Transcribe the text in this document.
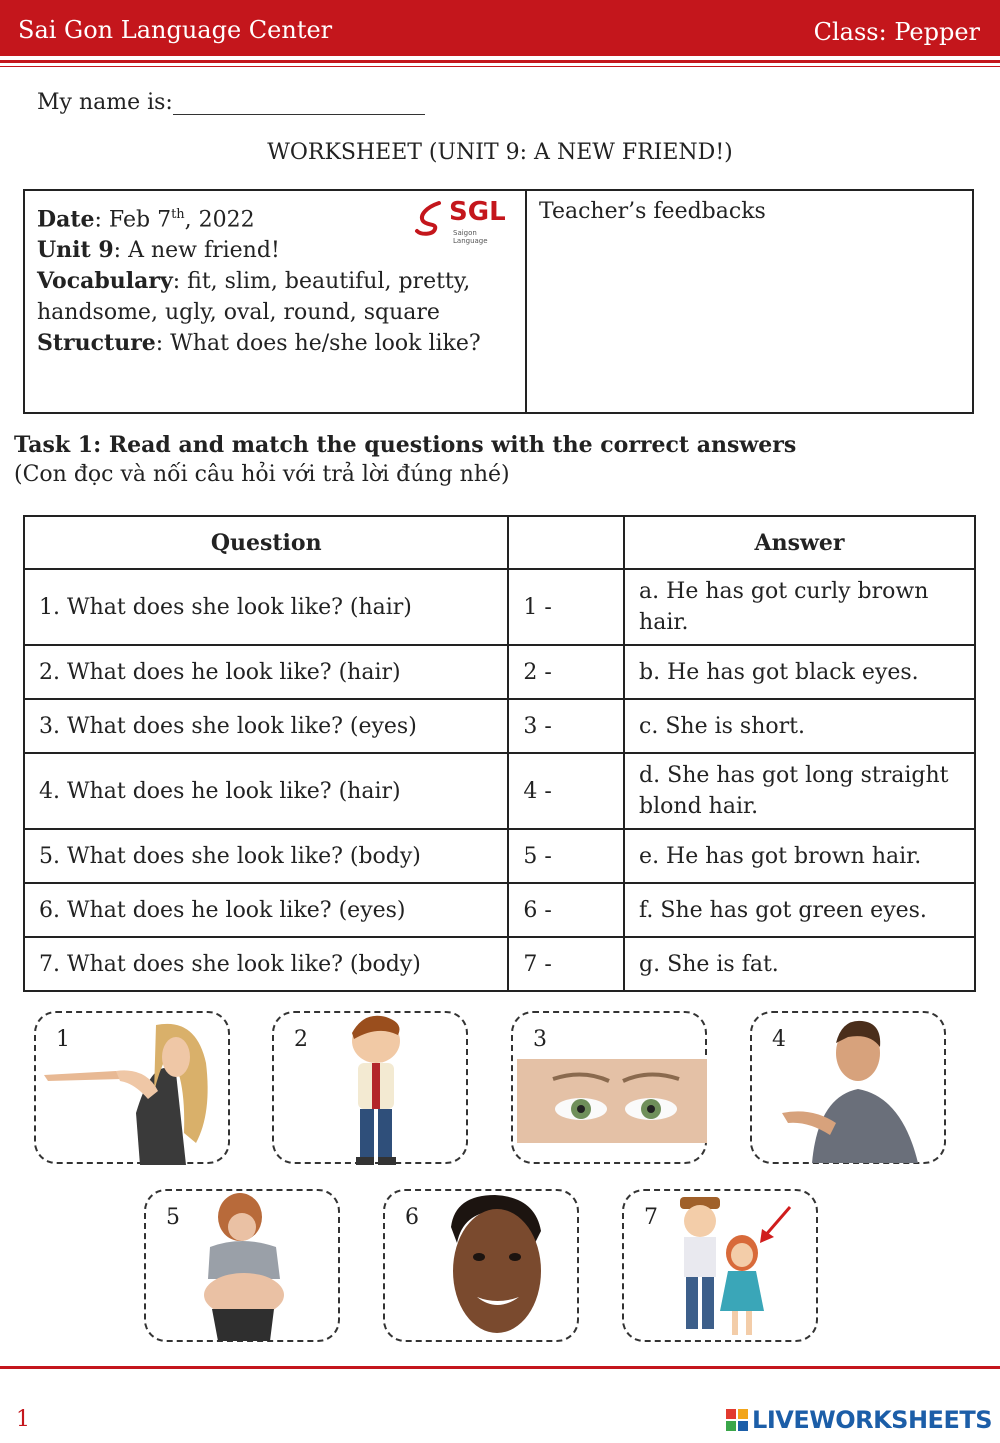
Sai Gon Language Center	Class: Pepper
My name is:
WORKSHEET (UNIT 9: A NEW FRIEND!)
Date: Feb 7th, 2022
Unit 9: A new friend!
Vocabulary: fit, slim, beautiful, pretty, handsome, ugly, oval, round, square
Structure: What does he/she look like?
SGL
Saigon Language
Teacher’s feedbacks
Task 1: Read and match the questions with the correct answers
(Con đọc và nối câu hỏi với trả lời đúng nhé)
Question		Answer
1. What does she look like? (hair)	1 -	a. He has got curly brown hair.
2. What does he look like? (hair)	2 -	b. He has got black eyes.
3. What does she look like? (eyes)	3 -	c. She is short.
4. What does he look like? (hair)	4 -	d. She has got long straight blond hair.
5. What does she look like? (body)	5 -	e. He has got brown hair.
6. What does he look like? (eyes)	6 -	f. She has got green eyes.
7. What does she look like? (body)	7 -	g. She is fat.
1	2	3	4
5	6	7
1	LIVEWORKSHEETS
